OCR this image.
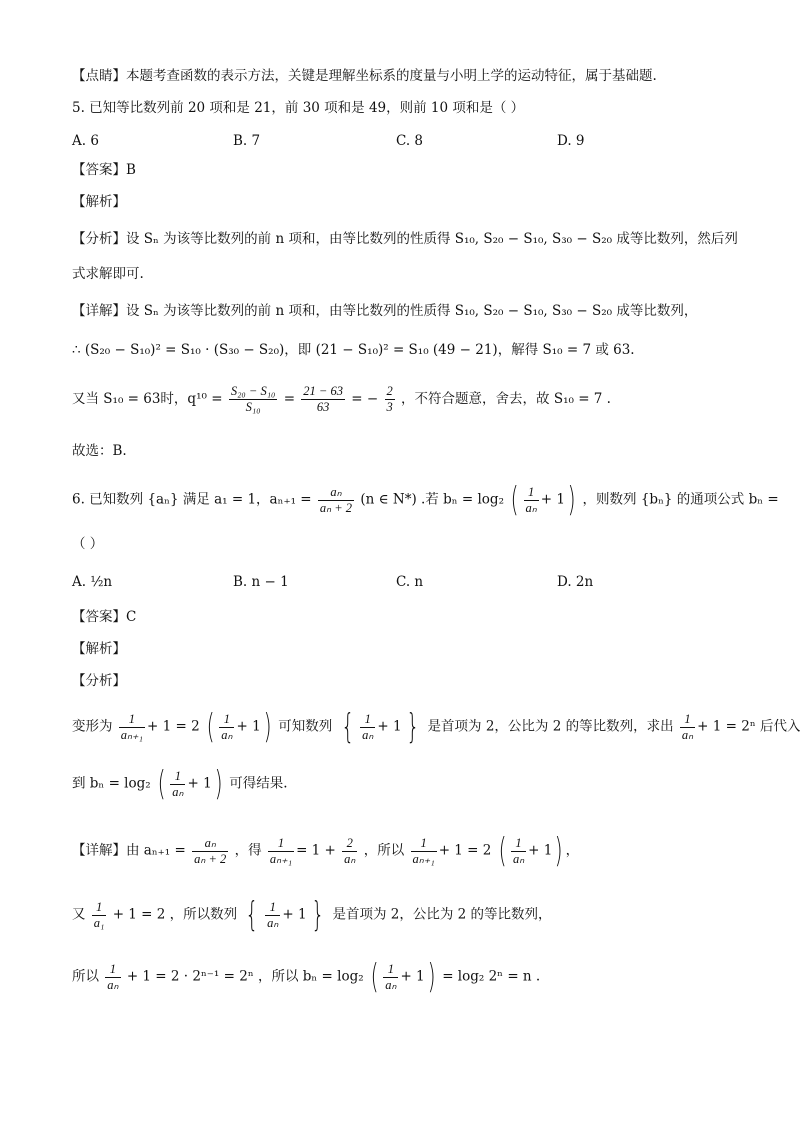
【点睛】本题考查函数的表示方法，关键是理解坐标系的度量与小明上学的运动特征，属于基础题.
5. 已知等比数列前 20 项和是 21，前 30 项和是 49，则前 10 项和是（ ）
A. 6	B. 7	C. 8	D. 9
【答案】B
【解析】
【分析】设 Sₙ 为该等比数列的前 n 项和，由等比数列的性质得 S₁₀, S₂₀ − S₁₀, S₃₀ − S₂₀ 成等比数列，然后列
式求解即可.
【详解】设 Sₙ 为该等比数列的前 n 项和，由等比数列的性质得 S₁₀, S₂₀ − S₁₀, S₃₀ − S₂₀ 成等比数列，
∴ (S₂₀ − S₁₀)² = S₁₀ · (S₃₀ − S₂₀)，即 (21 − S₁₀)² = S₁₀ (49 − 21)，解得 S₁₀ = 7 或 63.
又当 S₁₀ = 63时，$q^{10} = \frac{\text{S₂₀ − S₁₀}}{\text{S₁₀}} = \frac{21 - 63}{63}$ = − $\frac{2}{3}$ ，不符合题意，舍去，故 S₁₀ = 7 .
故选：B.
6. 已知数列 {aₙ} 满足 a₁ = 1，$a_{n+1} = \frac{\text{aₙ}}{\text{aₙ + 2}} (n$ ∈ N*) .若 bₙ = log₂ ( $\frac{1}{\text{aₙ}} + 1$) ，则数列 {bₙ} 的通项公式 bₙ =
（ ）
A. ½n	B. n − 1	C. n	D. 2n
【答案】C
【解析】
【分析】
变形为 $\frac{1}{\text{aₙ₊₁}} + 1 = 2$ ( $\frac{1}{\text{aₙ}} + 1$) 可知数列 { $\frac{1}{\text{aₙ}} + 1$ } 是首项为 2，公比为 2 的等比数列，求出 $\frac{1}{\text{aₙ}} + 1 = 2^n$ 后代入
到 bₙ = log₂ ( $\frac{1}{\text{aₙ}} + 1$) 可得结果.
【详解】由 $a_{n+1} = \frac{\text{aₙ}}{\text{aₙ + 2}}$ ，得 $\frac{1}{\text{aₙ₊₁}} = 1 + \frac{2}{\text{aₙ}}$ ，所以 $\frac{1}{\text{aₙ₊₁}} + 1 = 2$ ( $\frac{1}{\text{aₙ}} + 1$) ，
又 $\frac{1}{\text{a₁}} + 1 = 2$ ，所以数列 { $\frac{1}{\text{aₙ}} + 1$ } 是首项为 2，公比为 2 的等比数列，
所以 $\frac{1}{\text{aₙ}} + 1 = 2 \cdot 2^{n-1} = 2^n$ ，所以 bₙ = log₂ ( $\frac{1}{\text{aₙ}} + 1) = \log_2$ 2ⁿ = n .
